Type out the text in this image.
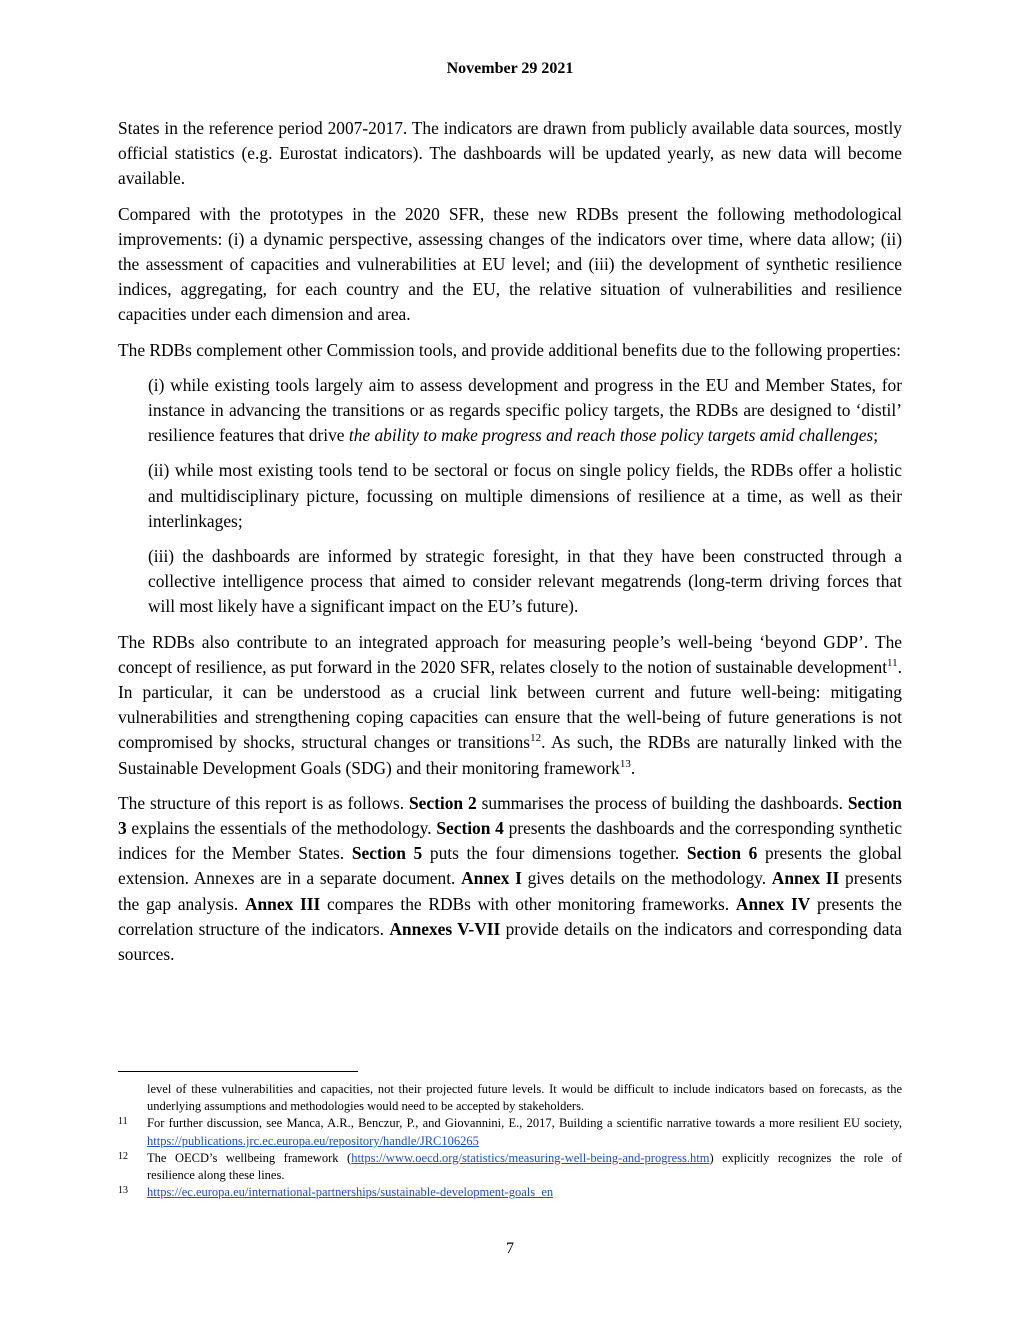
November 29 2021

States in the reference period 2007-2017. The indicators are drawn from publicly available data sources, mostly official statistics (e.g. Eurostat indicators). The dashboards will be updated yearly, as new data will become available.

Compared with the prototypes in the 2020 SFR, these new RDBs present the following methodological improvements: (i) a dynamic perspective, assessing changes of the indicators over time, where data allow; (ii) the assessment of capacities and vulnerabilities at EU level; and (iii) the development of synthetic resilience indices, aggregating, for each country and the EU, the relative situation of vulnerabilities and resilience capacities under each dimension and area.

The RDBs complement other Commission tools, and provide additional benefits due to the following properties:

(i) while existing tools largely aim to assess development and progress in the EU and Member States, for instance in advancing the transitions or as regards specific policy targets, the RDBs are designed to ‘distil’ resilience features that drive the ability to make progress and reach those policy targets amid challenges;

(ii) while most existing tools tend to be sectoral or focus on single policy fields, the RDBs offer a holistic and multidisciplinary picture, focussing on multiple dimensions of resilience at a time, as well as their interlinkages;

(iii) the dashboards are informed by strategic foresight, in that they have been constructed through a collective intelligence process that aimed to consider relevant megatrends (long-term driving forces that will most likely have a significant impact on the EU’s future).

The RDBs also contribute to an integrated approach for measuring people’s well-being ‘beyond GDP’. The concept of resilience, as put forward in the 2020 SFR, relates closely to the notion of sustainable development$^{11}$. In particular, it can be understood as a crucial link between current and future well-being: mitigating vulnerabilities and strengthening coping capacities can ensure that the well-being of future generations is not compromised by shocks, structural changes or transitions$^{12}$. As such, the RDBs are naturally linked with the Sustainable Development Goals (SDG) and their monitoring framework$^{13}$.

The structure of this report is as follows. Section 2 summarises the process of building the dashboards. Section 3 explains the essentials of the methodology. Section 4 presents the dashboards and the corresponding synthetic indices for the Member States. Section 5 puts the four dimensions together. Section 6 presents the global extension. Annexes are in a separate document. Annex I gives details on the methodology. Annex II presents the gap analysis. Annex III compares the RDBs with other monitoring frameworks. Annex IV presents the correlation structure of the indicators. Annexes V-VII provide details on the indicators and corresponding data sources.

level of these vulnerabilities and capacities, not their projected future levels. It would be difficult to include indicators based on forecasts, as the underlying assumptions and methodologies would need to be accepted by stakeholders.
11 For further discussion, see Manca, A.R., Benczur, P., and Giovannini, E., 2017, Building a scientific narrative towards a more resilient EU society, https://publications.jrc.ec.europa.eu/repository/handle/JRC106265
12 The OECD’s wellbeing framework (https://www.oecd.org/statistics/measuring-well-being-and-progress.htm) explicitly recognizes the role of resilience along these lines.
13 https://ec.europa.eu/international-partnerships/sustainable-development-goals_en
7
